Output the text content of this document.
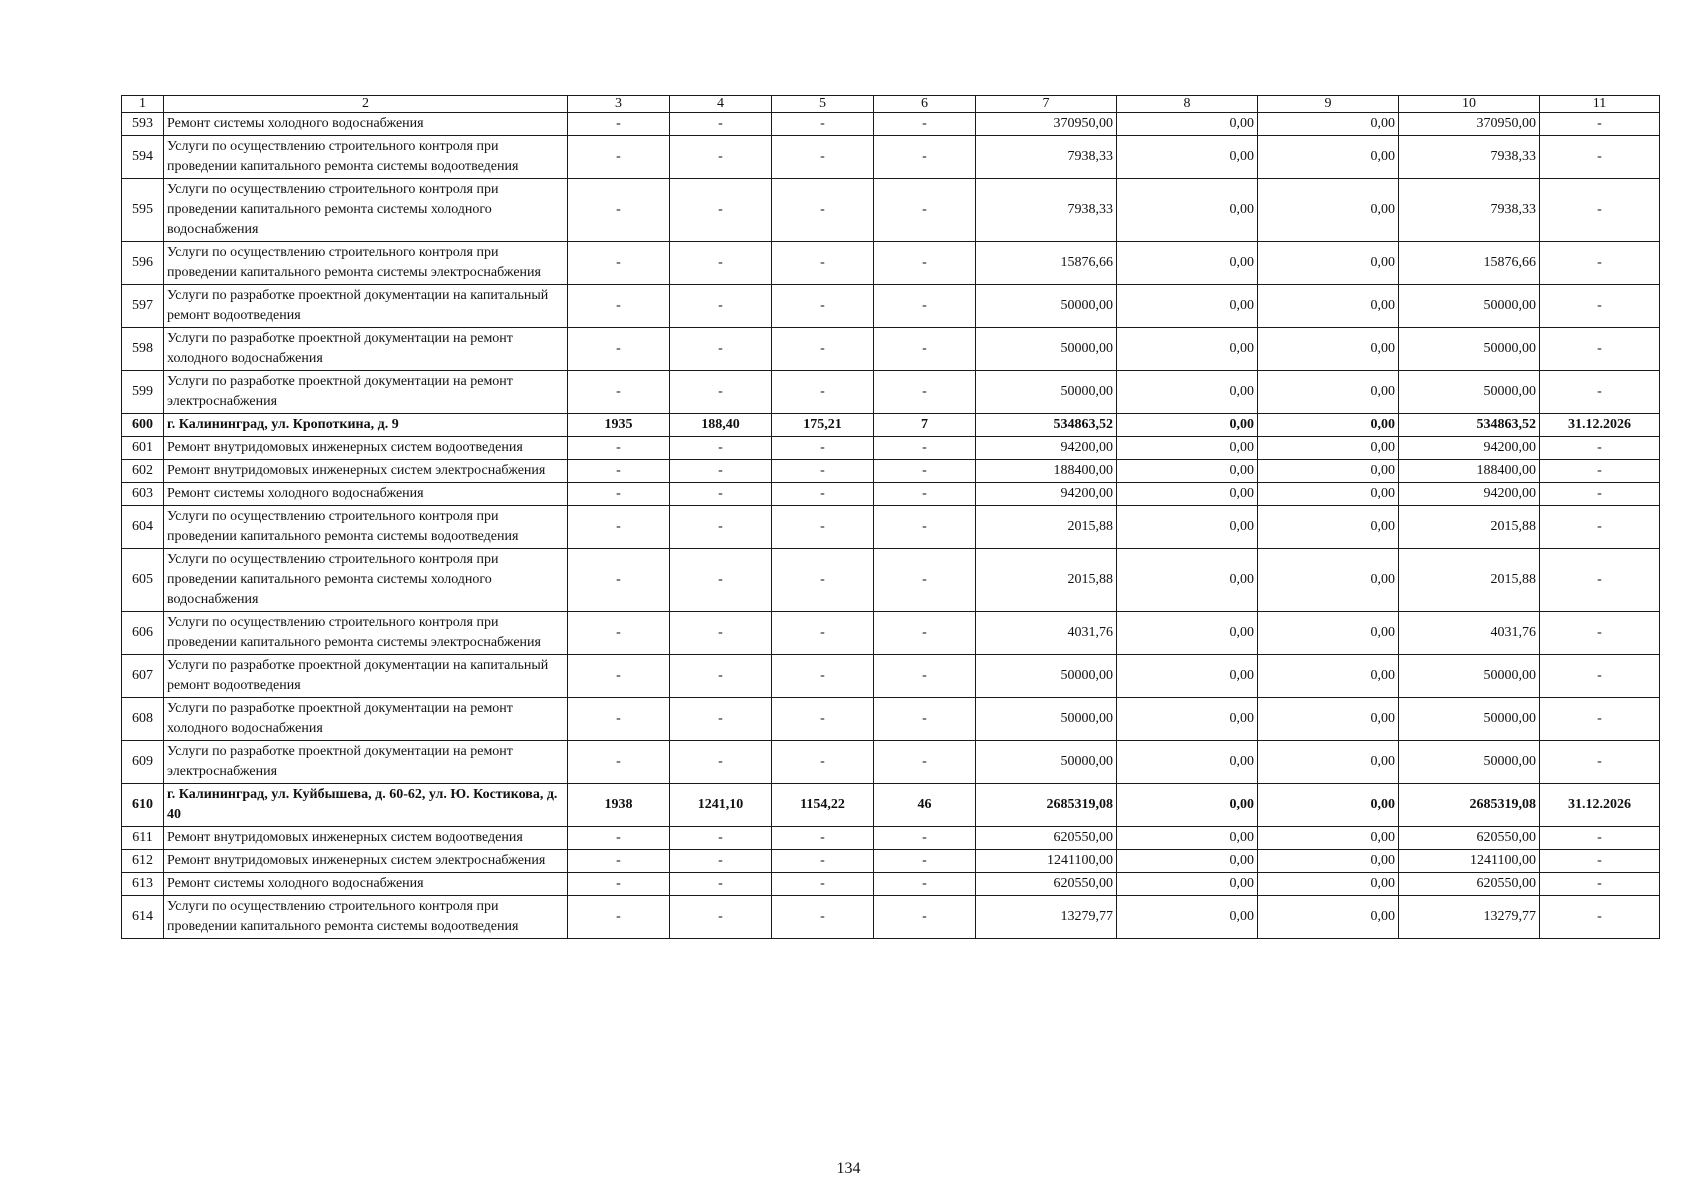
1	2	3	4	5	6	7	8	9	10	11
593	Ремонт системы холодного водоснабжения	-	-	-	-	370950,00	0,00	0,00	370950,00	-
594	Услуги по осуществлению строительного контроля при проведении капитального ремонта системы водоотведения	-	-	-	-	7938,33	0,00	0,00	7938,33	-
595	Услуги по осуществлению строительного контроля при проведении капитального ремонта системы холодного водоснабжения	-	-	-	-	7938,33	0,00	0,00	7938,33	-
596	Услуги по осуществлению строительного контроля при проведении капитального ремонта системы электроснабжения	-	-	-	-	15876,66	0,00	0,00	15876,66	-
597	Услуги по разработке проектной документации на капитальный ремонт водоотведения	-	-	-	-	50000,00	0,00	0,00	50000,00	-
598	Услуги по разработке проектной документации на ремонт холодного водоснабжения	-	-	-	-	50000,00	0,00	0,00	50000,00	-
599	Услуги по разработке проектной документации на ремонт электроснабжения	-	-	-	-	50000,00	0,00	0,00	50000,00	-
600	г. Калининград, ул. Кропоткина, д. 9	1935	188,40	175,21	7	534863,52	0,00	0,00	534863,52	31.12.2026
601	Ремонт внутридомовых инженерных систем водоотведения	-	-	-	-	94200,00	0,00	0,00	94200,00	-
602	Ремонт внутридомовых инженерных систем электроснабжения	-	-	-	-	188400,00	0,00	0,00	188400,00	-
603	Ремонт системы холодного водоснабжения	-	-	-	-	94200,00	0,00	0,00	94200,00	-
604	Услуги по осуществлению строительного контроля при проведении капитального ремонта системы водоотведения	-	-	-	-	2015,88	0,00	0,00	2015,88	-
605	Услуги по осуществлению строительного контроля при проведении капитального ремонта системы холодного водоснабжения	-	-	-	-	2015,88	0,00	0,00	2015,88	-
606	Услуги по осуществлению строительного контроля при проведении капитального ремонта системы электроснабжения	-	-	-	-	4031,76	0,00	0,00	4031,76	-
607	Услуги по разработке проектной документации на капитальный ремонт водоотведения	-	-	-	-	50000,00	0,00	0,00	50000,00	-
608	Услуги по разработке проектной документации на ремонт холодного водоснабжения	-	-	-	-	50000,00	0,00	0,00	50000,00	-
609	Услуги по разработке проектной документации на ремонт электроснабжения	-	-	-	-	50000,00	0,00	0,00	50000,00	-
610	г. Калининград, ул. Куйбышева, д. 60-62, ул. Ю. Костикова, д. 40	1938	1241,10	1154,22	46	2685319,08	0,00	0,00	2685319,08	31.12.2026
611	Ремонт внутридомовых инженерных систем водоотведения	-	-	-	-	620550,00	0,00	0,00	620550,00	-
612	Ремонт внутридомовых инженерных систем электроснабжения	-	-	-	-	1241100,00	0,00	0,00	1241100,00	-
613	Ремонт системы холодного водоснабжения	-	-	-	-	620550,00	0,00	0,00	620550,00	-
614	Услуги по осуществлению строительного контроля при проведении капитального ремонта системы водоотведения	-	-	-	-	13279,77	0,00	0,00	13279,77	-
134
